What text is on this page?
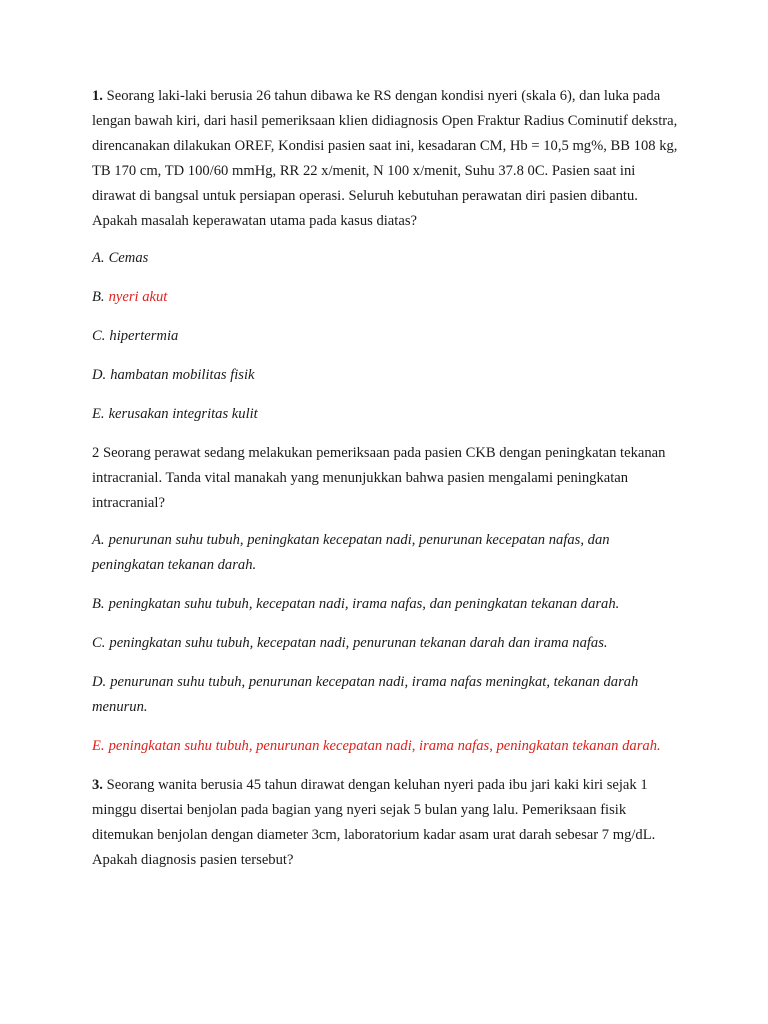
1. Seorang laki-laki berusia 26 tahun dibawa ke RS dengan kondisi nyeri (skala 6), dan luka pada lengan bawah kiri, dari hasil pemeriksaan klien didiagnosis Open Fraktur Radius Cominutif dekstra, direncanakan dilakukan OREF, Kondisi pasien saat ini, kesadaran CM, Hb = 10,5 mg%, BB 108 kg, TB 170 cm, TD 100/60 mmHg, RR 22 x/menit, N 100 x/menit, Suhu 37.8 0C. Pasien saat ini dirawat di bangsal untuk persiapan operasi. Seluruh kebutuhan perawatan diri pasien dibantu. Apakah masalah keperawatan utama pada kasus diatas?

A. Cemas

B. nyeri akut

C. hipertermia

D. hambatan mobilitas fisik

E. kerusakan integritas kulit

2 Seorang perawat sedang melakukan pemeriksaan pada pasien CKB dengan peningkatan tekanan intracranial. Tanda vital manakah yang menunjukkan bahwa pasien mengalami peningkatan intracranial?

A. penurunan suhu tubuh, peningkatan kecepatan nadi, penurunan kecepatan nafas, dan peningkatan tekanan darah.

B. peningkatan suhu tubuh, kecepatan nadi, irama nafas, dan peningkatan tekanan darah.

C. peningkatan suhu tubuh, kecepatan nadi, penurunan tekanan darah dan irama nafas.

D. penurunan suhu tubuh, penurunan kecepatan nadi, irama nafas meningkat, tekanan darah menurun.

E. peningkatan suhu tubuh, penurunan kecepatan nadi, irama nafas, peningkatan tekanan darah.

3. Seorang wanita berusia 45 tahun dirawat dengan keluhan nyeri pada ibu jari kaki kiri sejak 1 minggu disertai benjolan pada bagian yang nyeri sejak 5 bulan yang lalu. Pemeriksaan fisik ditemukan benjolan dengan diameter 3cm, laboratorium kadar asam urat darah sebesar 7 mg/dL. Apakah diagnosis pasien tersebut?
